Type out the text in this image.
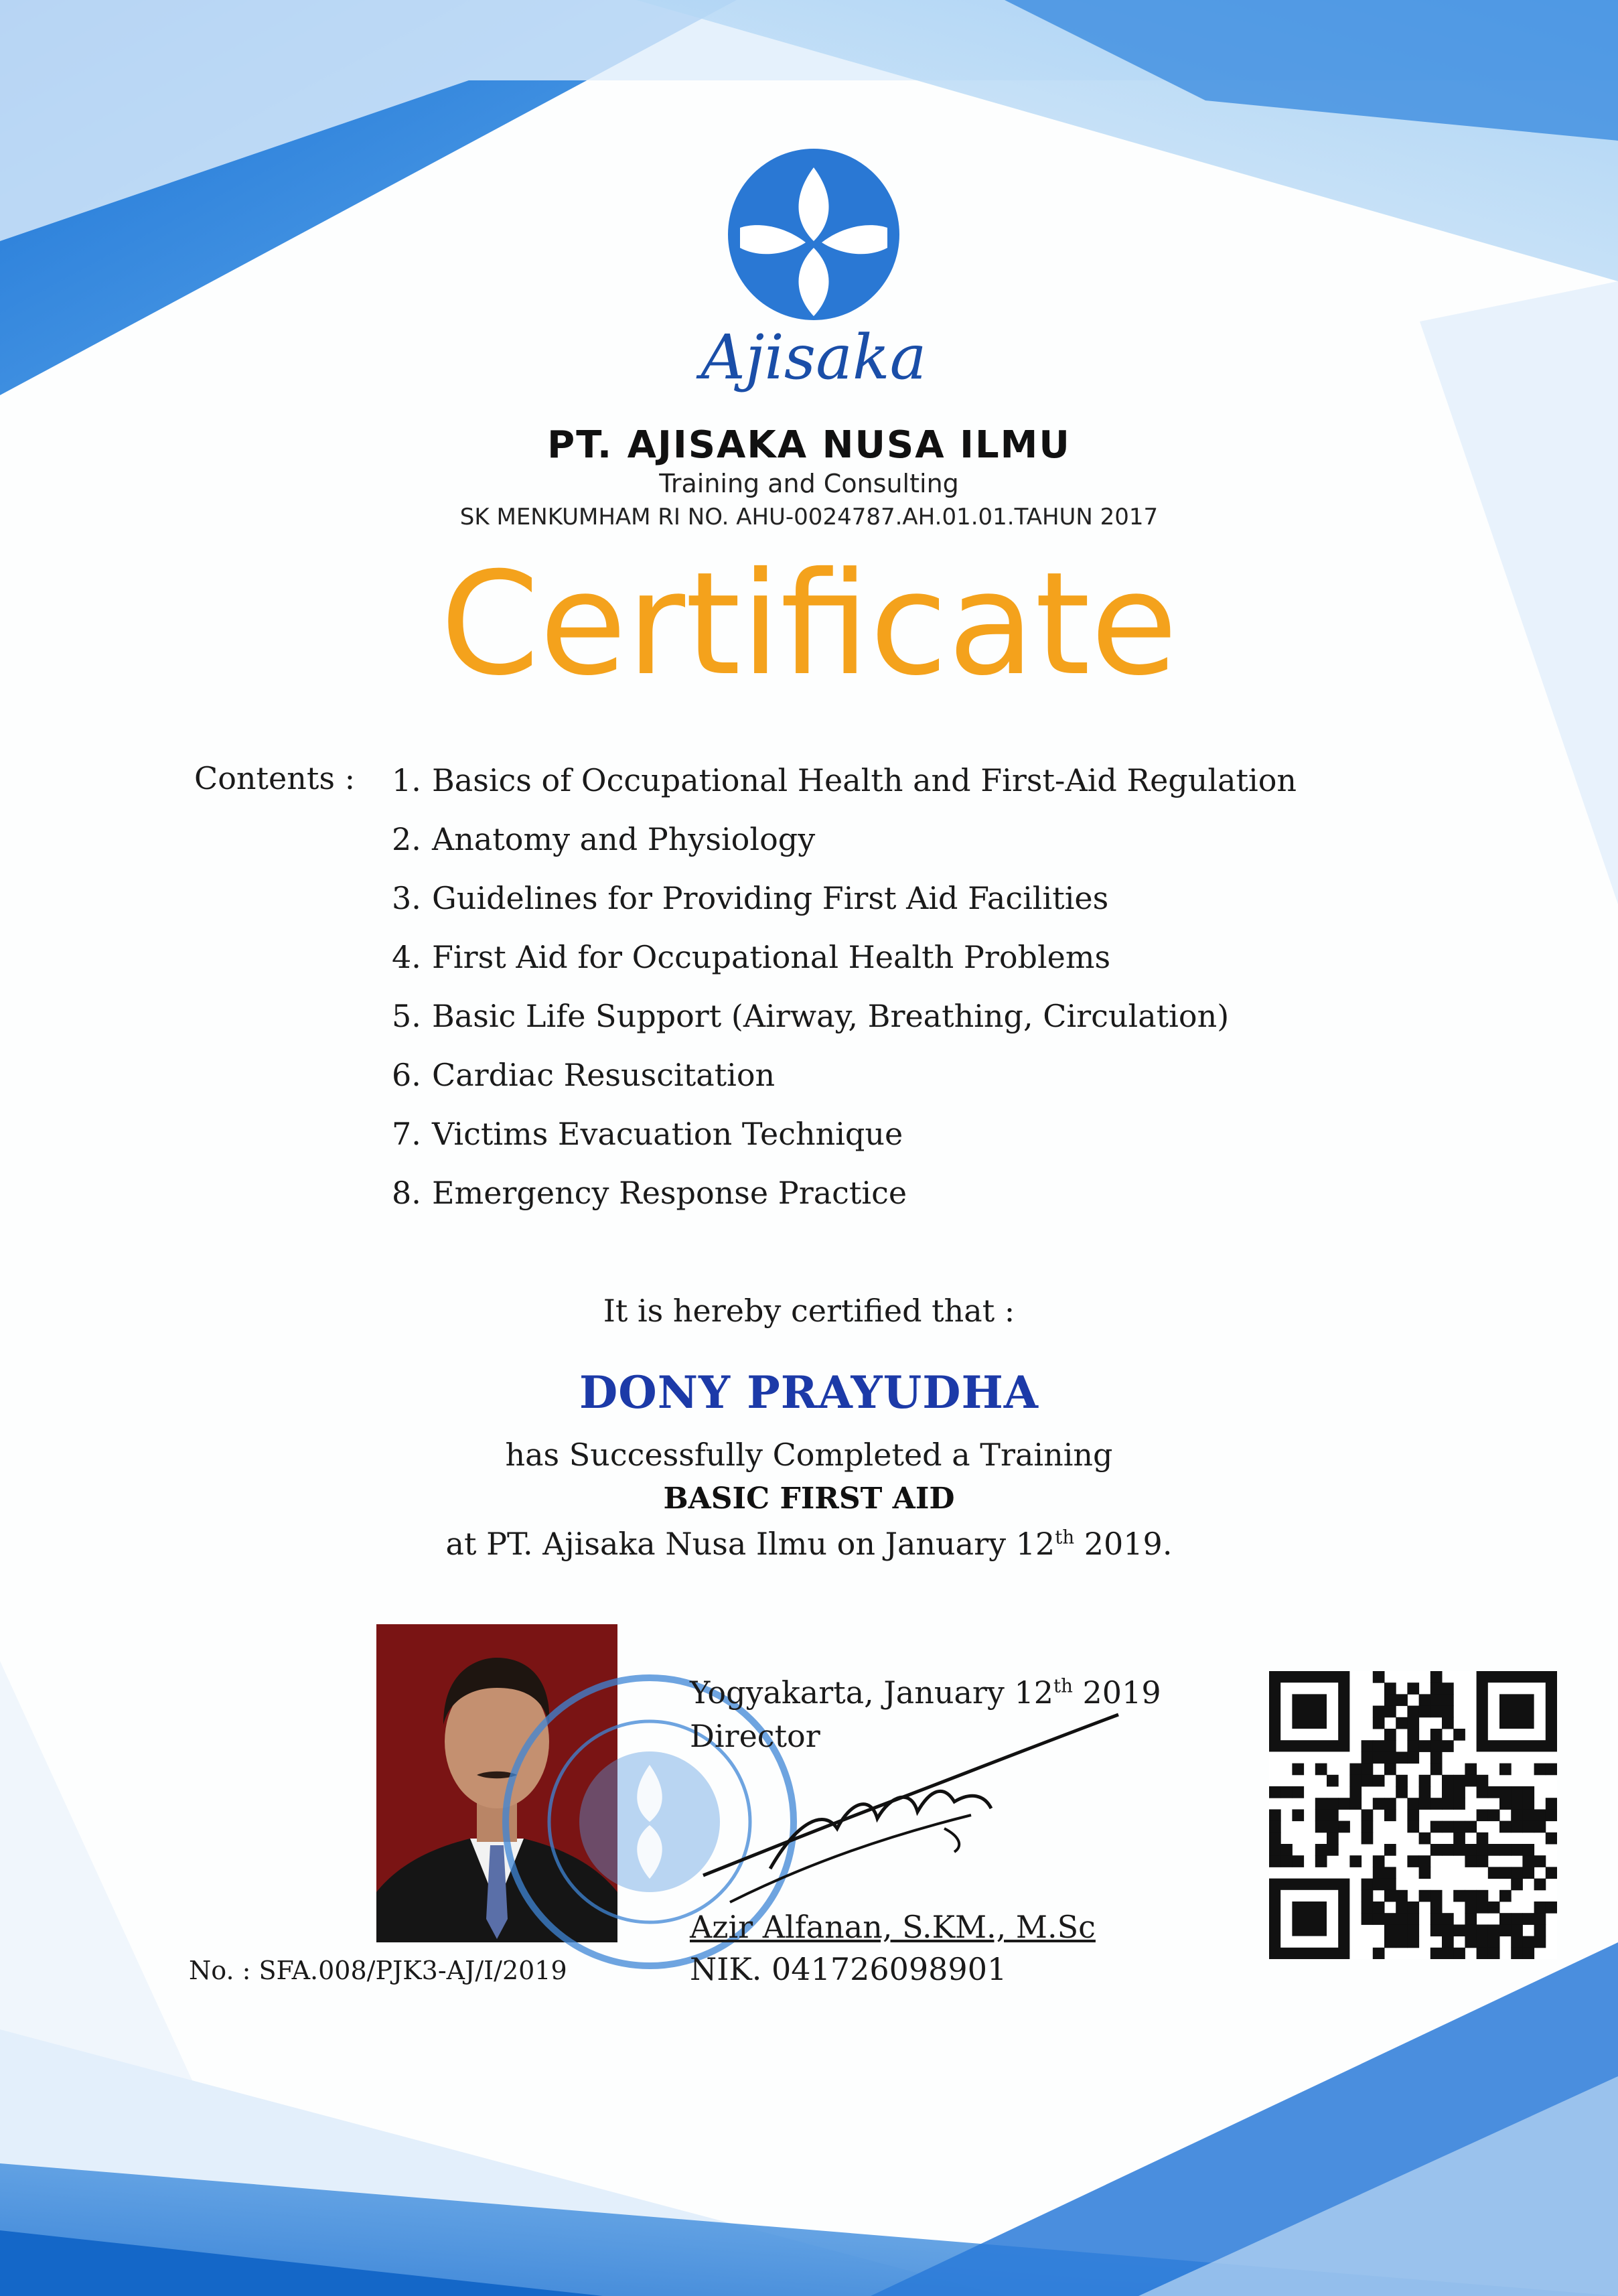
Ajisaka
PT. AJISAKA NUSA ILMU
Training and Consulting
SK MENKUMHAM RI NO. AHU-0024787.AH.01.01.TAHUN 2017
Certificate
Contents : 1. Basics of Occupational Health and First-Aid Regulation
2. Anatomy and Physiology
3. Guidelines for Providing First Aid Facilities
4. First Aid for Occupational Health Problems
5. Basic Life Support (Airway, Breathing, Circulation)
6. Cardiac Resuscitation
7. Victims Evacuation Technique
8. Emergency Response Practice
It is hereby certified that :
DONY PRAYUDHA
has Successfully Completed a Training
BASIC FIRST AID
at PT. Ajisaka Nusa Ilmu on January 12th 2019.
Yogyakarta, January 12th 2019
Director
Azir Alfanan, S.KM., M.Sc
NIK. 041726098901
No. : SFA.008/PJK3-AJ/I/2019
